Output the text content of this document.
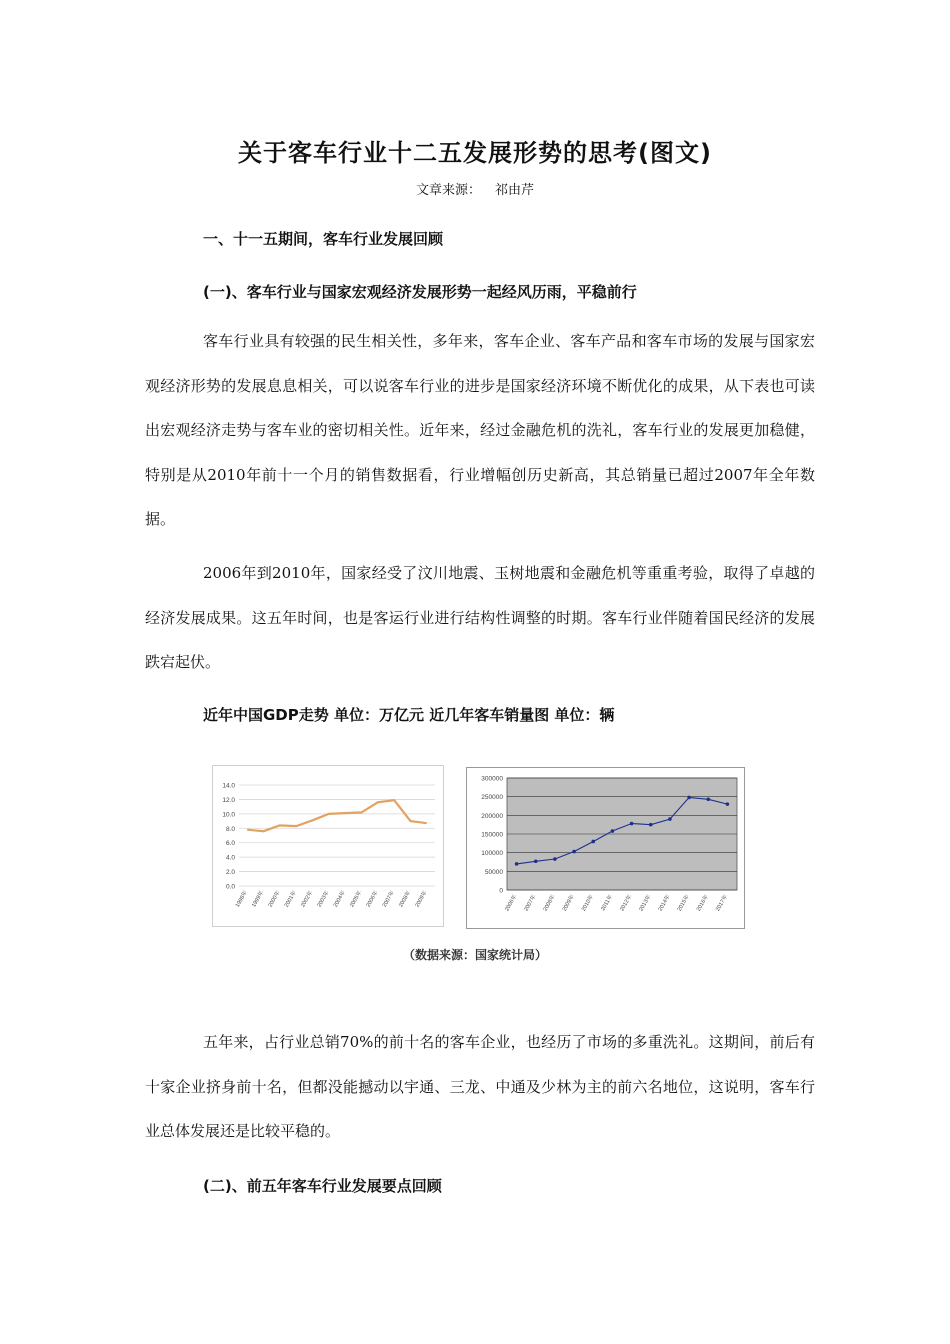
关于客车行业十二五发展形势的思考(图文)
文章来源： 祁由芹
一、十一五期间，客车行业发展回顾
(一)、客车行业与国家宏观经济发展形势一起经风历雨，平稳前行

客车行业具有较强的民生相关性，多年来，客车企业、客车产品和客车市场的发展与国家宏观经济形势的发展息息相关，可以说客车行业的进步是国家经济环境不断优化的成果，从下表也可读出宏观经济走势与客车业的密切相关性。近年来，经过金融危机的洗礼，客车行业的发展更加稳健，特别是从2010年前十一个月的销售数据看，行业增幅创历史新高，其总销量已超过2007年全年数据。

2006年到2010年，国家经受了汶川地震、玉树地震和金融危机等重重考验，取得了卓越的经济发展成果。这五年时间，也是客运行业进行结构性调整的时期。客车行业伴随着国民经济的发展跌宕起伏。

近年中国GDP走势 单位：万亿元 近几年客车销量图 单位：辆
0.0
2.0
4.0
6.0
8.0
10.0
12.0
14.0
1998年 1999年 2000年 2001年 2002年 2003年 2004年 2005年 2006年 2007年 2008年 2009年	0
50000
100000
150000
200000
250000
300000
2006年 2007年 2008年 2009年 2010年 2011年 2012年 2013年 2014年 2015年 2016年 2017年
（数据来源：国家统计局）

五年来，占行业总销70%的前十名的客车企业，也经历了市场的多重洗礼。这期间，前后有十家企业挤身前十名，但都没能撼动以宇通、三龙、中通及少林为主的前六名地位，这说明，客车行业总体发展还是比较平稳的。

(二)、前五年客车行业发展要点回顾
